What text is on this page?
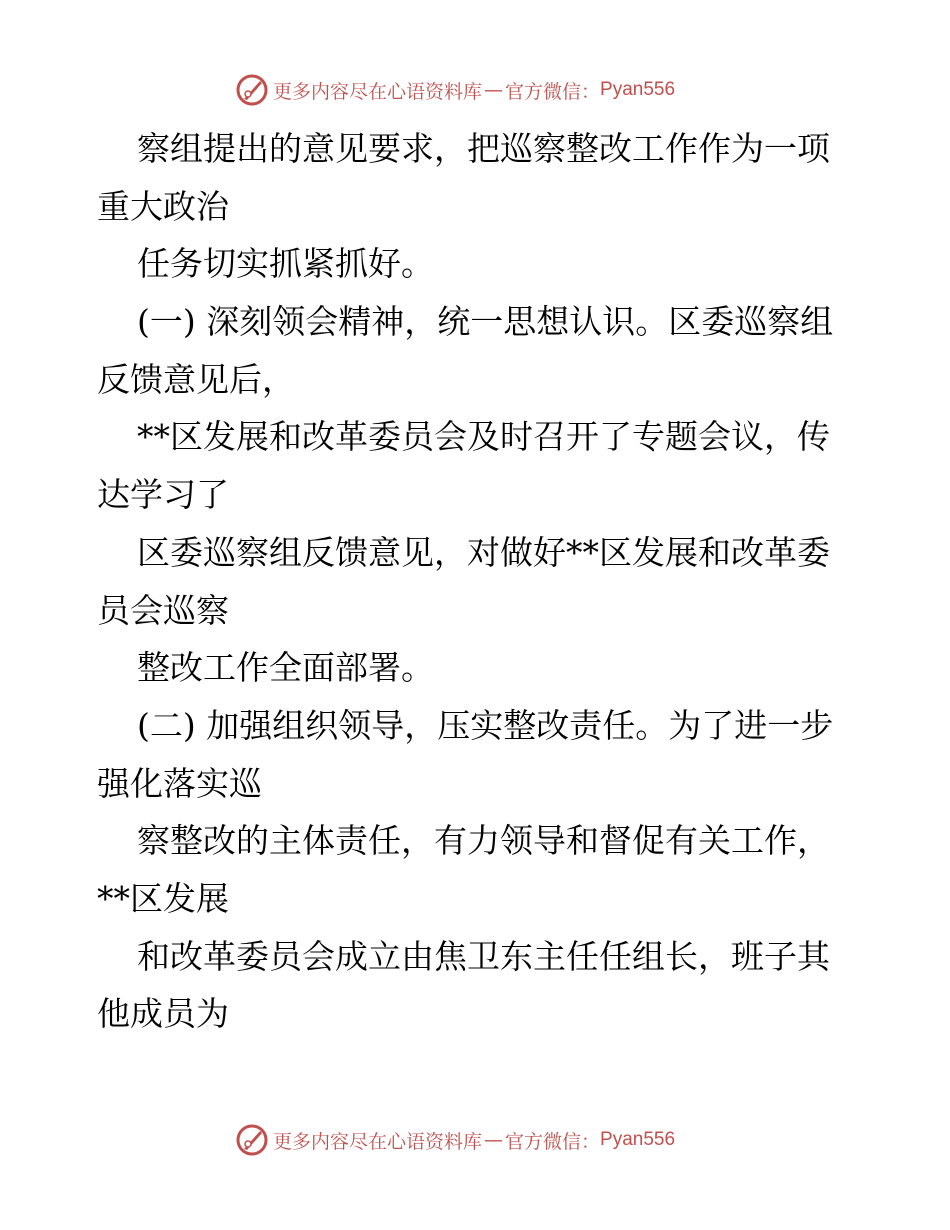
更多内容尽在心语资料库 — 官方微信： Pyan556
察组提出的意见要求，把巡察整改工作作为一项
重大政治
任务切实抓紧抓好。
(一) 深刻领会精神，统一思想认识。区委巡察组
反馈意见后，
**区发展和改革委员会及时召开了专题会议，传
达学习了
区委巡察组反馈意见，对做好**区发展和改革委
员会巡察
整改工作全面部署。
(二) 加强组织领导，压实整改责任。为了进一步
强化落实巡
察整改的主体责任，有力领导和督促有关工作，
**区发展
和改革委员会成立由焦卫东主任任组长，班子其
他成员为
更多内容尽在心语资料库 — 官方微信： Pyan556
